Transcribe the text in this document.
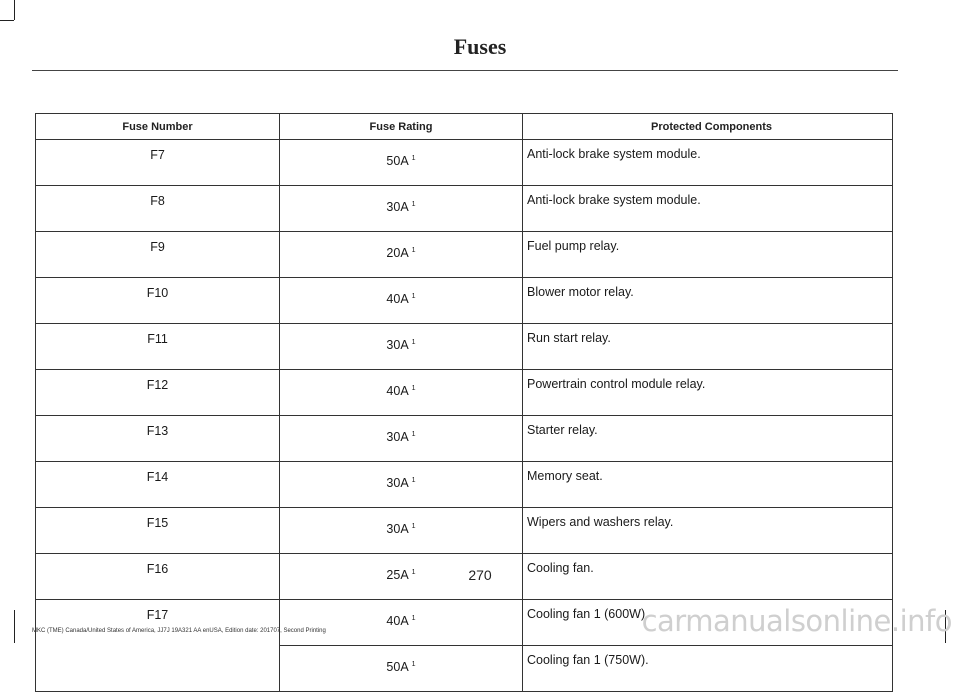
Fuses
Fuse Number	Fuse Rating	Protected Components
F7	50A $^1$	Anti-lock brake system module.
F8	30A $^1$	Anti-lock brake system module.
F9	20A $^1$	Fuel pump relay.
F10	40A $^1$	Blower motor relay.
F11	30A $^1$	Run start relay.
F12	40A $^1$	Powertrain control module relay.
F13	30A $^1$	Starter relay.
F14	30A $^1$	Memory seat.
F15	30A $^1$	Wipers and washers relay.
F16	25A $^1$	Cooling fan.
F17	40A $^1$	Cooling fan 1 (600W).
	50A $^1$	Cooling fan 1 (750W).
270
MKC (TME) Canada/United States of America, JJ7J 19A321 AA enUSA, Edition date: 201707, Second Printing	carmanualsonline.info
